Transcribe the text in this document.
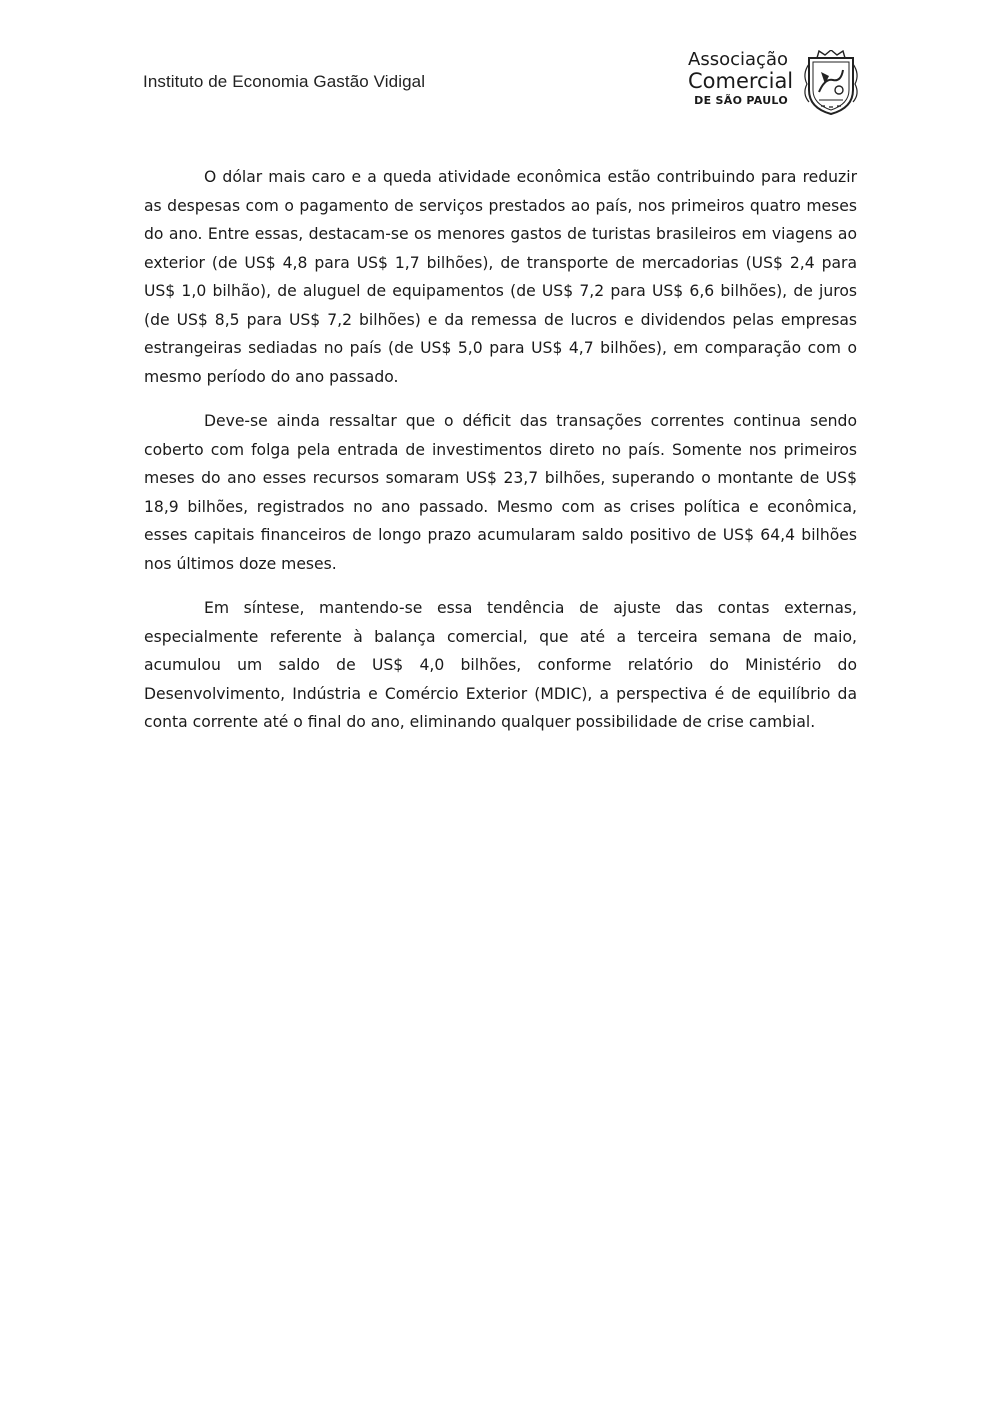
Instituto de Economia Gastão Vidigal
Associação
Comercial
DE SÃO PAULO

O dólar mais caro e a queda atividade econômica estão contribuindo para reduzir as despesas com o pagamento de serviços prestados ao país, nos primeiros quatro meses do ano. Entre essas, destacam-se os menores gastos de turistas brasileiros em viagens ao exterior (de US$ 4,8 para US$ 1,7 bilhões), de transporte de mercadorias (US$ 2,4 para US$ 1,0 bilhão), de aluguel de equipamentos (de US$ 7,2 para US$ 6,6 bilhões), de juros (de US$ 8,5 para US$ 7,2 bilhões) e da remessa de lucros e dividendos pelas empresas estrangeiras sediadas no país (de US$ 5,0 para US$ 4,7 bilhões), em comparação com o mesmo período do ano passado.

Deve-se ainda ressaltar que o déficit das transações correntes continua sendo coberto com folga pela entrada de investimentos direto no país. Somente nos primeiros meses do ano esses recursos somaram US$ 23,7 bilhões, superando o montante de US$ 18,9 bilhões, registrados no ano passado. Mesmo com as crises política e econômica, esses capitais financeiros de longo prazo acumularam saldo positivo de US$ 64,4 bilhões nos últimos doze meses.

Em síntese, mantendo-se essa tendência de ajuste das contas externas, especialmente referente à balança comercial, que até a terceira semana de maio, acumulou um saldo de US$ 4,0 bilhões, conforme relatório do Ministério do Desenvolvimento, Indústria e Comércio Exterior (MDIC), a perspectiva é de equilíbrio da conta corrente até o final do ano, eliminando qualquer possibilidade de crise cambial.
